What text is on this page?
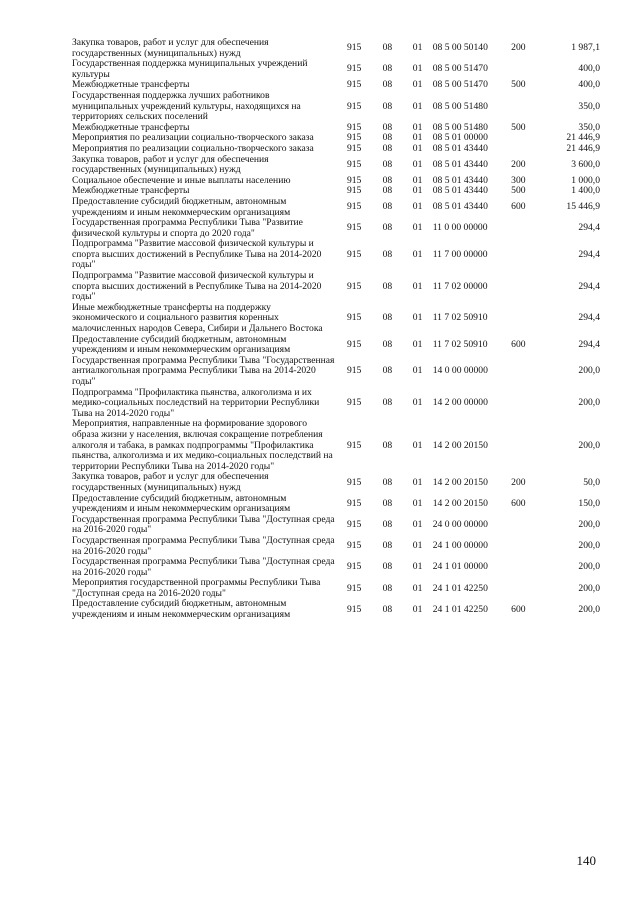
Закупка товаров, работ и услуг для обеспечения государственных (муниципальных) нужд	915	08	01	08 5 00 50140	200	1 987,1
Государственная поддержка муниципальных учреждений культуры	915	08	01	08 5 00 51470		400,0
Межбюджетные трансферты	915	08	01	08 5 00 51470	500	400,0
Государственная поддержка лучших работников муниципальных учреждений культуры, находящихся на территориях сельских поселений	915	08	01	08 5 00 51480		350,0
Межбюджетные трансферты	915	08	01	08 5 00 51480	500	350,0
Мероприятия по реализации социально-творческого заказа	915	08	01	08 5 01 00000		21 446,9
Мероприятия по реализации социально-творческого заказа	915	08	01	08 5 01 43440		21 446,9
Закупка товаров, работ и услуг для обеспечения государственных (муниципальных) нужд	915	08	01	08 5 01 43440	200	3 600,0
Социальное обеспечение и иные выплаты населению	915	08	01	08 5 01 43440	300	1 000,0
Межбюджетные трансферты	915	08	01	08 5 01 43440	500	1 400,0
Предоставление субсидий бюджетным, автономным учреждениям и иным некоммерческим организациям	915	08	01	08 5 01 43440	600	15 446,9
Государственная программа Республики Тыва "Развитие физической культуры и спорта до 2020 года"	915	08	01	11 0 00 00000		294,4
Подпрограмма "Развитие массовой физической культуры и спорта высших достижений в Республике Тыва на 2014-2020 годы"	915	08	01	11 7 00 00000		294,4
Подпрограмма "Развитие массовой физической культуры и спорта высших достижений в Республике Тыва на 2014-2020 годы"	915	08	01	11 7 02 00000		294,4
Иные межбюджетные трансферты на поддержку экономического и социального развития коренных малочисленных народов Севера, Сибири и Дальнего Востока	915	08	01	11 7 02 50910		294,4
Предоставление субсидий бюджетным, автономным учреждениям и иным некоммерческим организациям	915	08	01	11 7 02 50910	600	294,4
Государственная программа Республики Тыва "Государственная антиалкогольная программа Республики Тыва на 2014-2020 годы"	915	08	01	14 0 00 00000		200,0
Подпрограмма "Профилактика пьянства, алкоголизма и их медико-социальных последствий на территории Республики Тыва на 2014-2020 годы"	915	08	01	14 2 00 00000		200,0
Мероприятия, направленные на формирование здорового образа жизни у населения, включая сокращение потребления алкоголя и табака, в рамках подпрограммы "Профилактика пьянства, алкоголизма и их медико-социальных последствий на территории Республики Тыва на 2014-2020 годы"	915	08	01	14 2 00 20150		200,0
Закупка товаров, работ и услуг для обеспечения государственных (муниципальных) нужд	915	08	01	14 2 00 20150	200	50,0
Предоставление субсидий бюджетным, автономным учреждениям и иным некоммерческим организациям	915	08	01	14 2 00 20150	600	150,0
Государственная программа Республики Тыва "Доступная среда на 2016-2020 годы"	915	08	01	24 0 00 00000		200,0
Государственная программа Республики Тыва "Доступная среда на 2016-2020 годы"	915	08	01	24 1 00 00000		200,0
Государственная программа Республики Тыва "Доступная среда на 2016-2020 годы"	915	08	01	24 1 01 00000		200,0
Мероприятия государственной программы Республики Тыва "Доступная среда на 2016-2020 годы"	915	08	01	24 1 01 42250		200,0
Предоставление субсидий бюджетным, автономным учреждениям и иным некоммерческим организациям	915	08	01	24 1 01 42250	600	200,0
140
